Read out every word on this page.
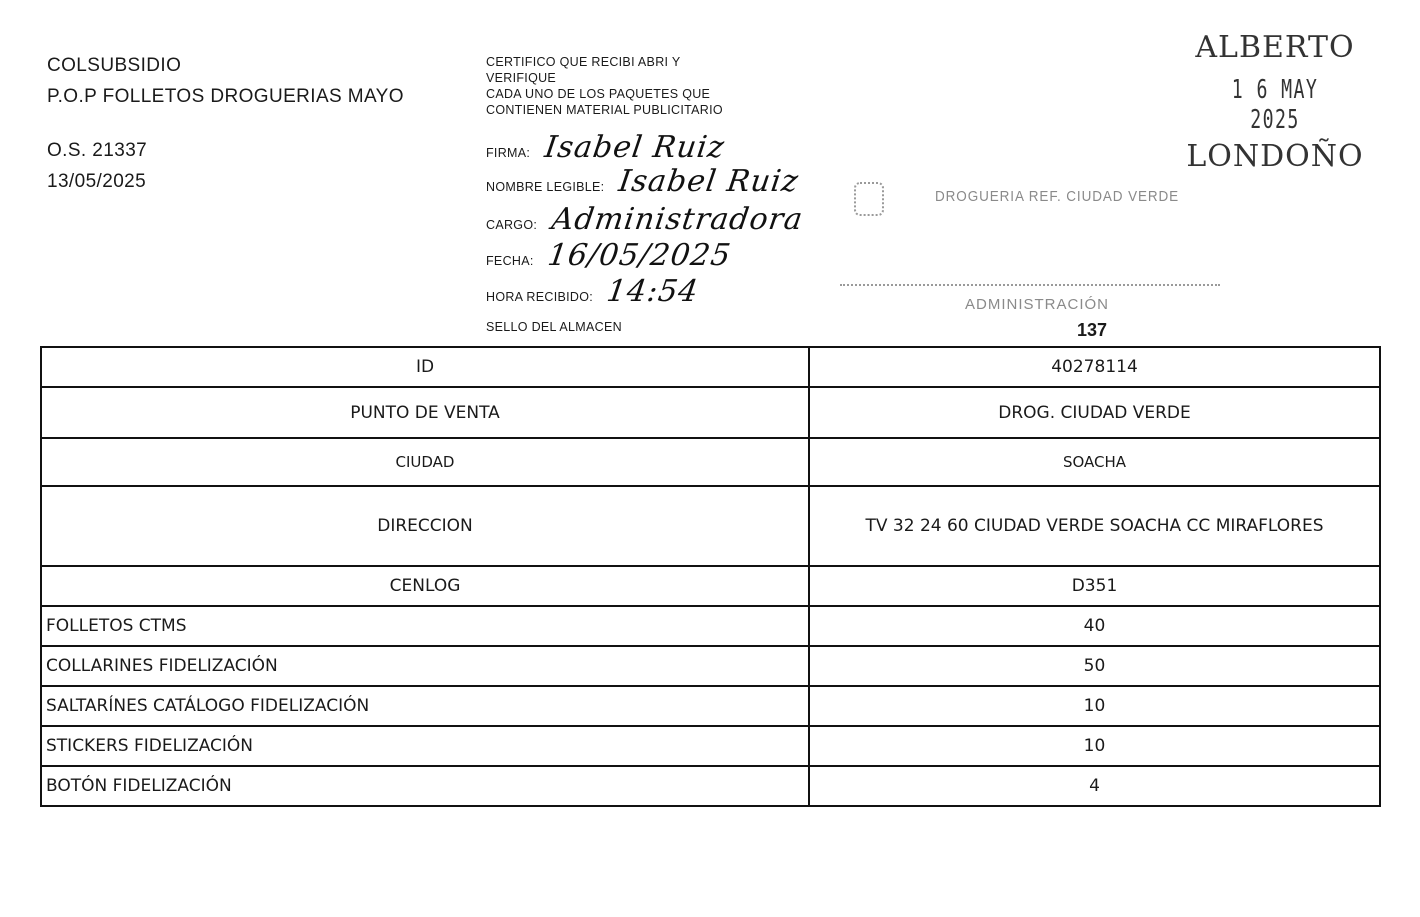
COLSUBSIDIO
P.O.P FOLLETOS DROGUERIAS MAYO
O.S. 21337
13/05/2025
CERTIFICO QUE RECIBI ABRI Y
VERIFIQUE
CADA UNO DE LOS PAQUETES QUE
CONTIENEN MATERIAL PUBLICITARIO
FIRMA: Isabel Ruiz
NOMBRE LEGIBLE: Isabel Ruiz
CARGO: Administradora
FECHA: 16/05/2025
HORA RECIBIDO: 14:54
SELLO DEL ALMACEN
ALBERTO
1 6 MAY 2025
LONDOÑO
DROGUERIA REF. CIUDAD VERDE
ADMINISTRACIÓN
137
ID	40278114
PUNTO DE VENTA	DROG. CIUDAD VERDE
CIUDAD	SOACHA
DIRECCION	TV 32 24 60 CIUDAD VERDE SOACHA CC MIRAFLORES
CENLOG	D351
FOLLETOS CTMS	40
COLLARINES FIDELIZACIÓN	50
SALTARÍNES CATÁLOGO FIDELIZACIÓN	10
STICKERS FIDELIZACIÓN	10
BOTÓN FIDELIZACIÓN	4
